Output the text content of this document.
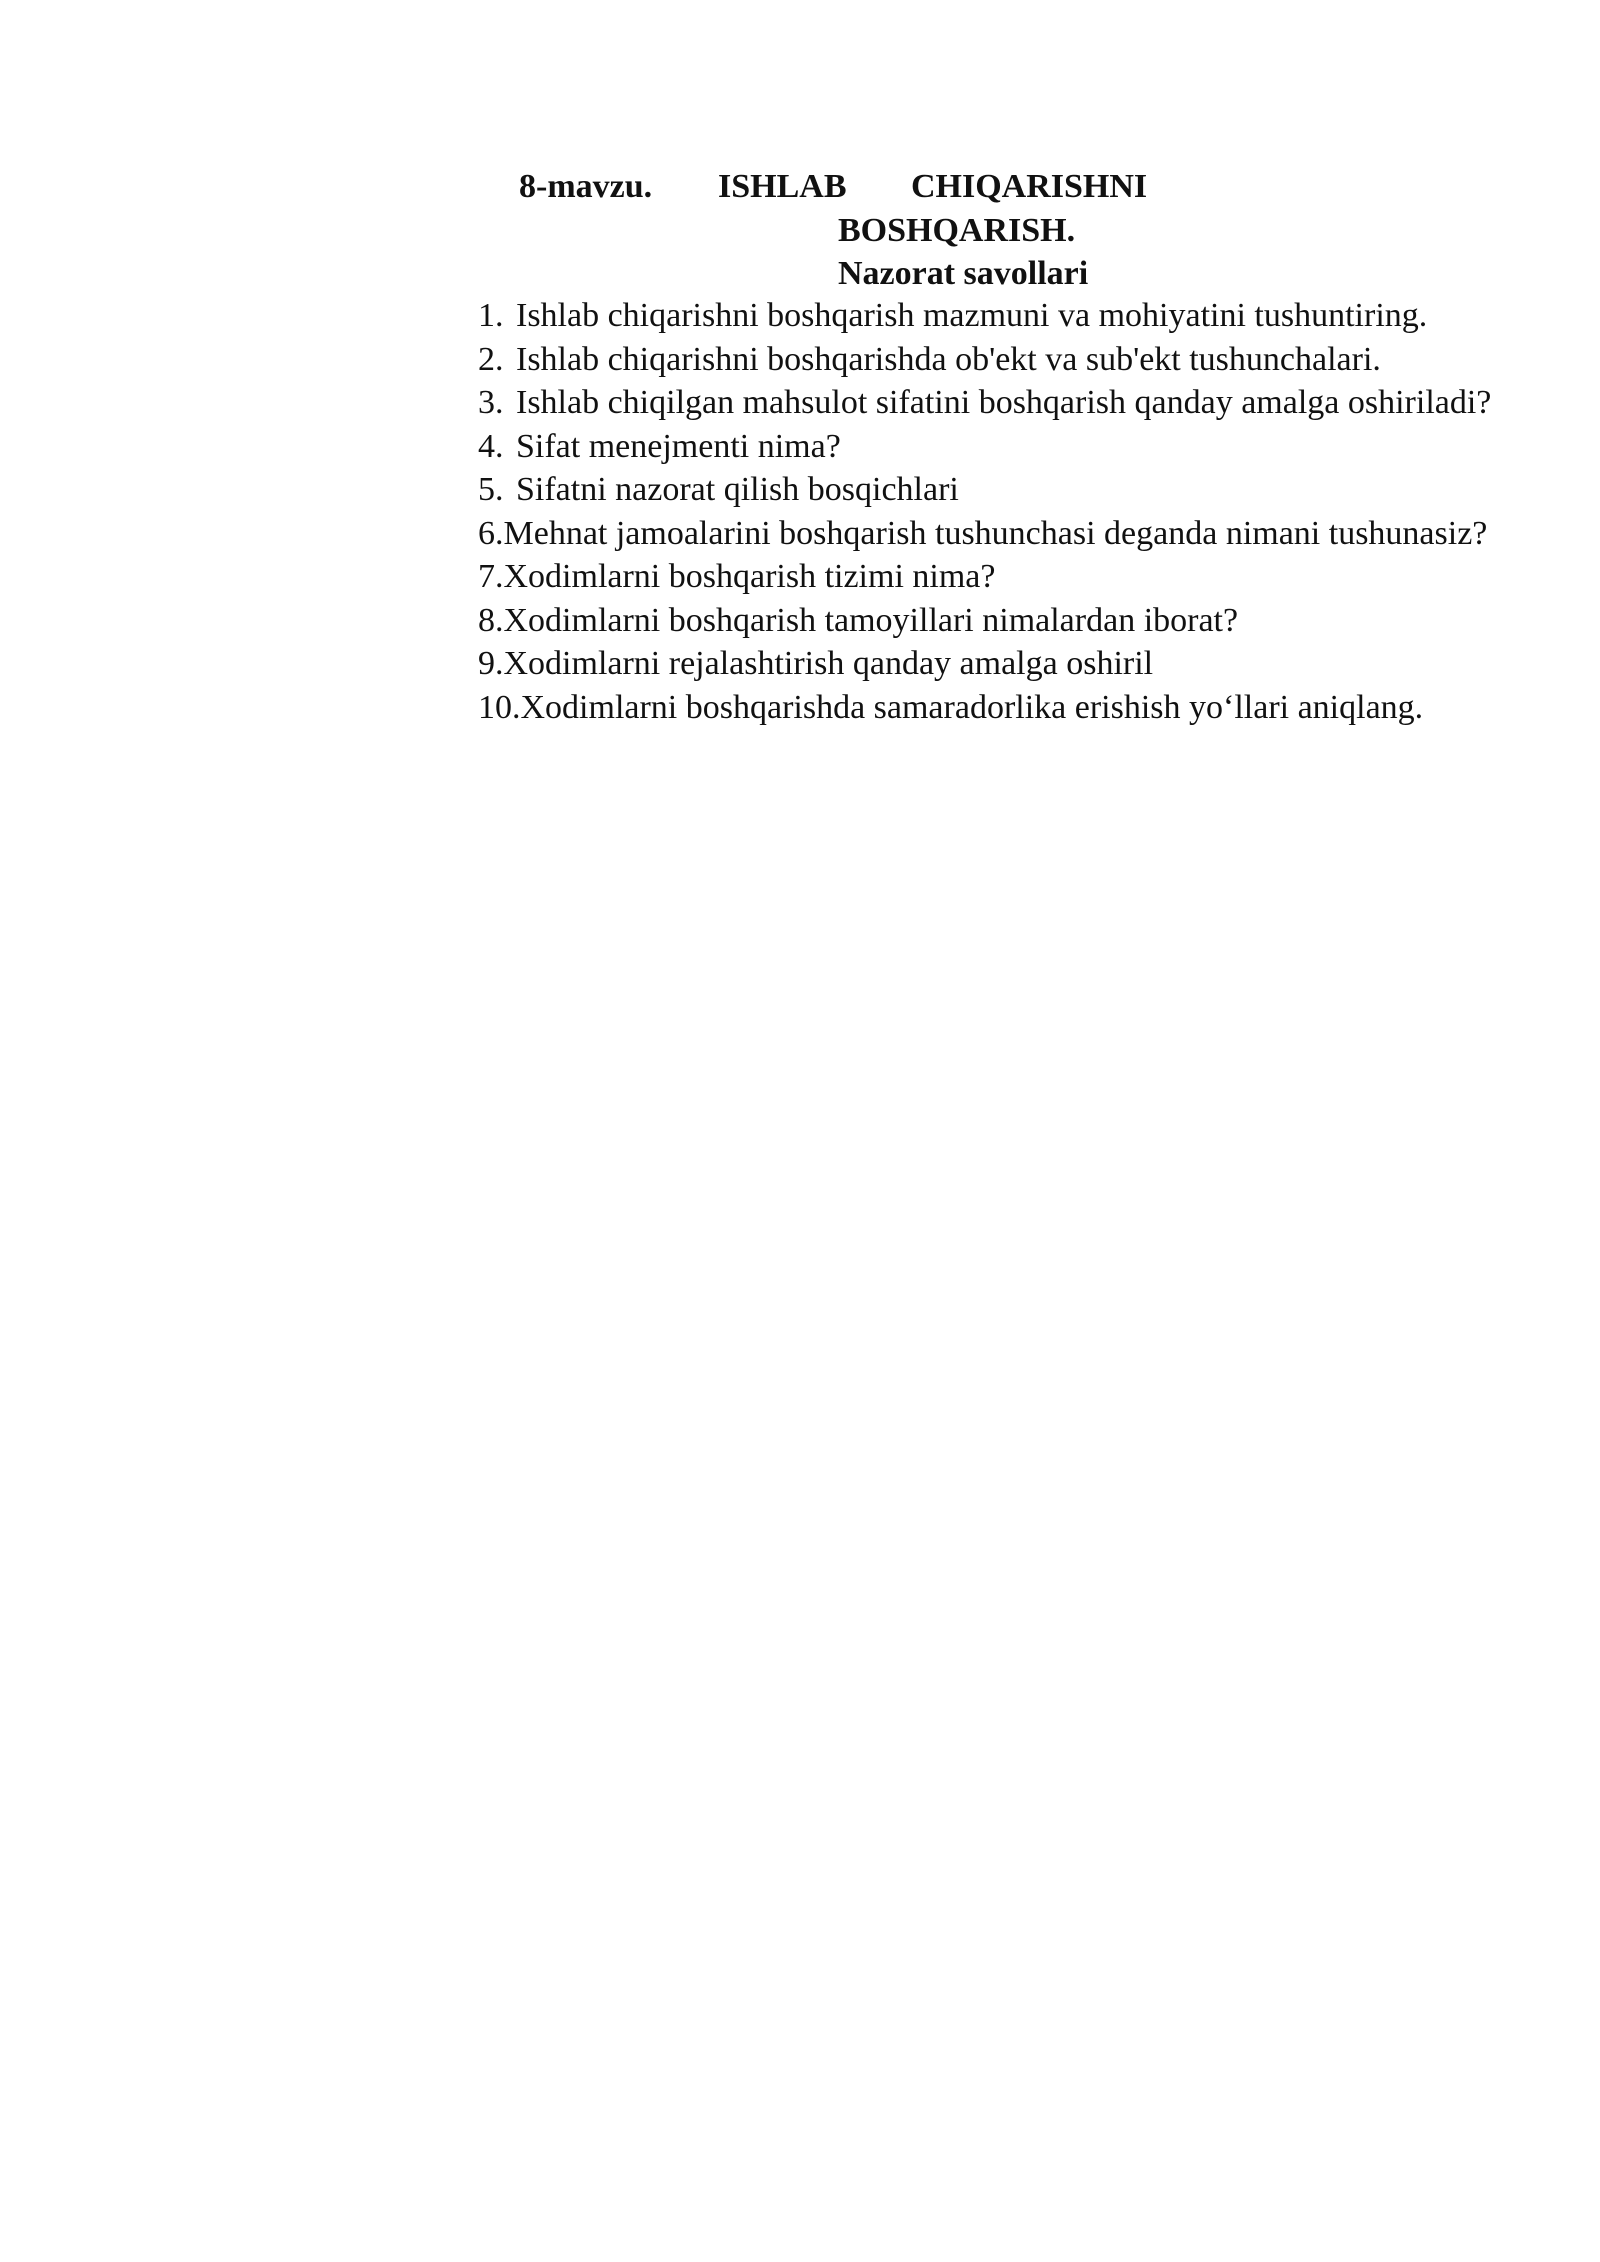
8-mavzu. ISHLAB CHIQARISHNI
BOSHQARISH.
Nazorat savollari
1. Ishlab chiqarishni boshqarish mazmuni va mohiyatini tushuntiring.
2. Ishlab chiqarishni boshqarishda ob'ekt va sub'ekt tushunchalari.
3. Ishlab chiqilgan mahsulot sifatini boshqarish qanday amalga oshiriladi?
4. Sifat menejmenti nima?
5. Sifatni nazorat qilish bosqichlari
6.Mehnat jamoalarini boshqarish tushunchasi deganda nimani tushunasiz?
7.Xodimlarni boshqarish tizimi nima?
8.Xodimlarni boshqarish tamoyillari nimalardan iborat?
9.Xodimlarni rejalashtirish qanday amalga oshiril
10.Xodimlarni boshqarishda samaradorlika erishish yo‘llari aniqlang.
